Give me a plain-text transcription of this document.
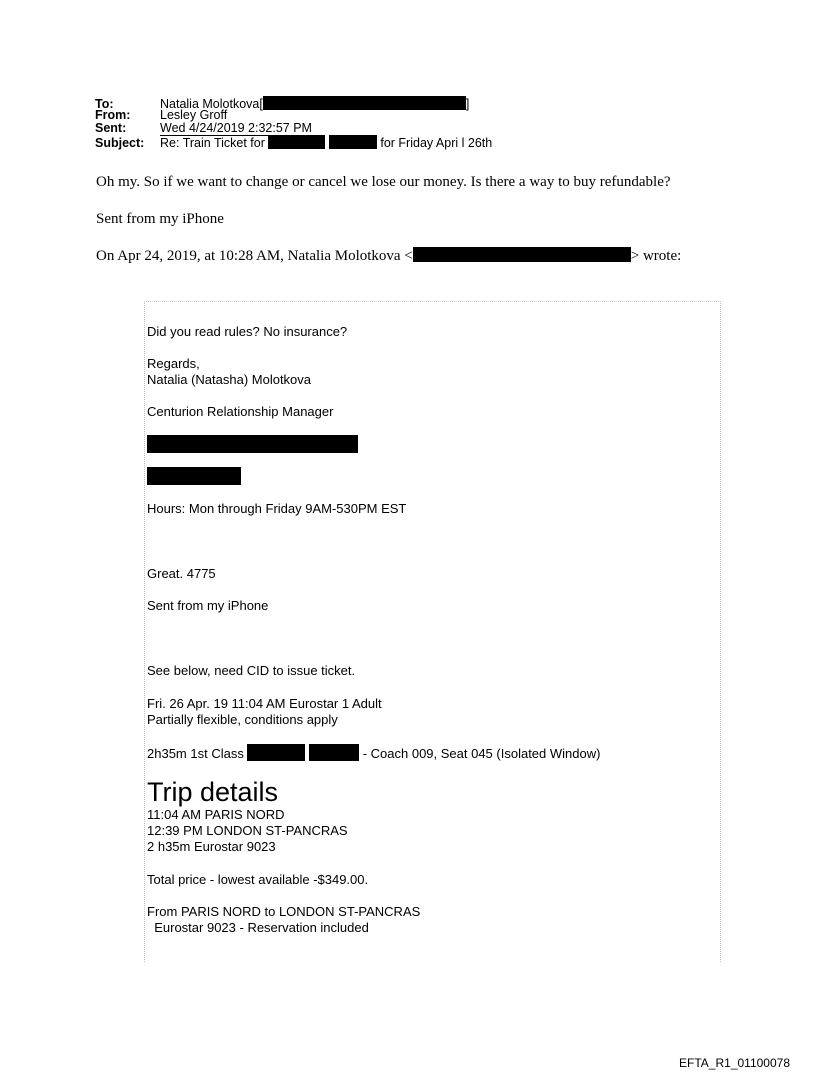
To:	Natalia Molotkova[	]
From: Lesley Groff
Sent:	Wed 4/24/2019 2:32:57 PM
Subject: Re: Train Ticket for	for Friday Apri l 26th
Oh my. So if we want to change or cancel we lose our money. Is there a way to buy refundable?
Sent from my iPhone
On Apr 24, 2019, at 10:28 AM, Natalia Molotkova <	> wrote:
Did you read rules? No insurance?
Regards,
Natalia (Natasha) Molotkova
Centurion Relationship Manager
Hours: Mon through Friday 9AM-530PM EST
Great. 4775
Sent from my iPhone
See below, need CID to issue ticket.
Fri. 26 Apr. 19 11:04 AM Eurostar 1 Adult
Partially flexible, conditions apply
2h35m 1st Class	- Coach 009, Seat 045 (Isolated Window)
Trip details
11:04 AM PARIS NORD
12:39 PM LONDON ST-PANCRAS
2 h35m Eurostar 9023
Total price - lowest available -$349.00.
From PARIS NORD to LONDON ST-PANCRAS
Eurostar 9023 - Reservation included
EFTA_R1_01100078
